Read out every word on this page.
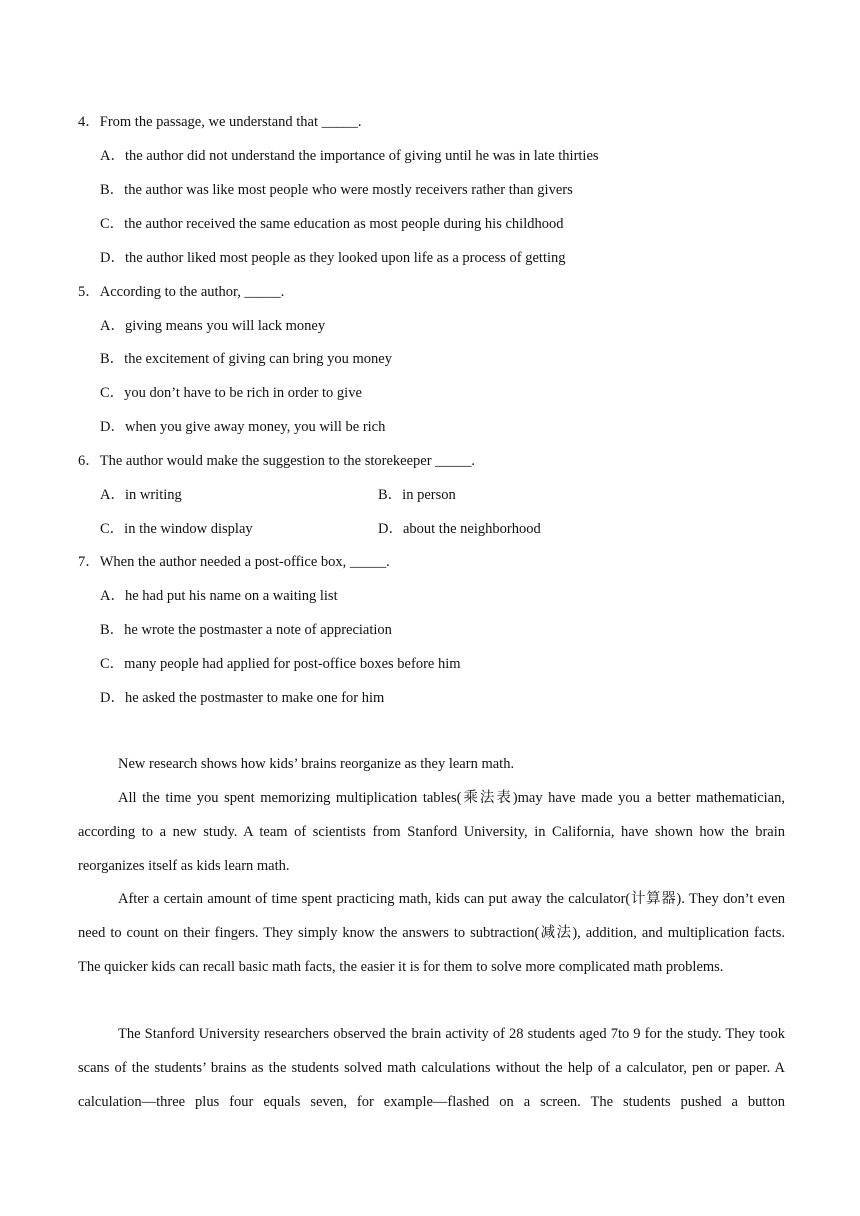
4．From the passage, we understand that _____.
A．the author did not understand the importance of giving until he was in late thirties
B．the author was like most people who were mostly receivers rather than givers
C．the author received the same education as most people during his childhood
D．the author liked most people as they looked upon life as a process of getting
5．According to the author, _____.
A．giving means you will lack money
B．the excitement of giving can bring you money
C．you don’t have to be rich in order to give
D．when you give away money, you will be rich
6．The author would make the suggestion to the storekeeper _____.
A．in writing	B．in person
C．in the window display	D．about the neighborhood
7．When the author needed a post-office box, _____.
A．he had put his name on a waiting list
B．he wrote the postmaster a note of appreciation
C．many people had applied for post-office boxes before him
D．he asked the postmaster to make one for him

New research shows how kids’ brains reorganize as they learn math.

All the time you spent memorizing multiplication tables(乘法表)may have made you a better mathematician, according to a new study. A team of scientists from Stanford University, in California, have shown how the brain reorganizes itself as kids learn math.

After a certain amount of time spent practicing math, kids can put away the calculator(计算器). They don’t even need to count on their fingers. They simply know the answers to subtraction(减法), addition, and multiplication facts. The quicker kids can recall basic math facts, the easier it is for them to solve more complicated math problems.

The Stanford University researchers observed the brain activity of 28 students aged 7to 9 for the study. They took scans of the students’ brains as the students solved math calculations without the help of a calculator, pen or paper. A calculation—three plus four equals seven, for example—flashed on a screen. The students pushed a button
